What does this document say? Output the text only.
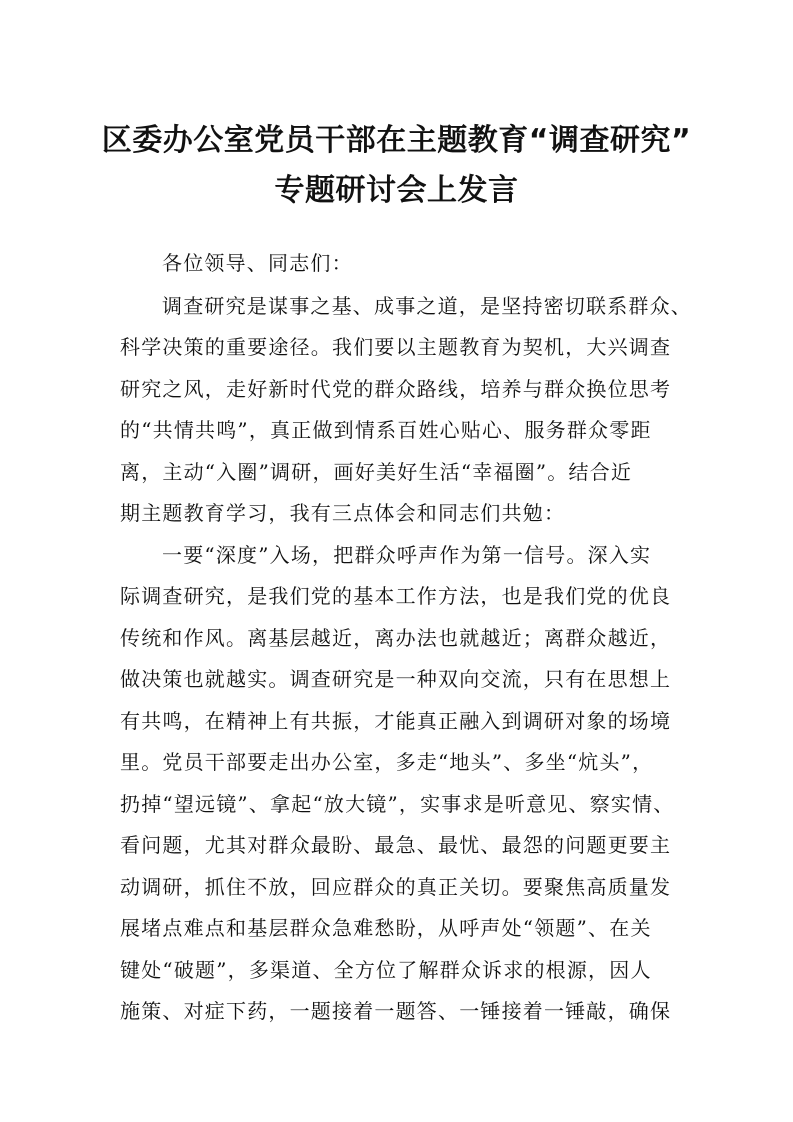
区委办公室党员干部在主题教育“调查研究”
专题研讨会上发言
各位领导、同志们：
调查研究是谋事之基、成事之道，是坚持密切联系群众、
科学决策的重要途径。我们要以主题教育为契机，大兴调查
研究之风，走好新时代党的群众路线，培养与群众换位思考
的“共情共鸣”，真正做到情系百姓心贴心、服务群众零距
离，主动“入圈”调研，画好美好生活“幸福圈”。结合近
期主题教育学习，我有三点体会和同志们共勉：
一要“深度”入场，把群众呼声作为第一信号。深入实
际调查研究，是我们党的基本工作方法，也是我们党的优良
传统和作风。离基层越近，离办法也就越近；离群众越近，
做决策也就越实。调查研究是一种双向交流，只有在思想上
有共鸣，在精神上有共振，才能真正融入到调研对象的场境
里。党员干部要走出办公室，多走“地头”、多坐“炕头”，
扔掉“望远镜”、拿起“放大镜”，实事求是听意见、察实情、
看问题，尤其对群众最盼、最急、最忧、最怨的问题更要主
动调研，抓住不放，回应群众的真正关切。要聚焦高质量发
展堵点难点和基层群众急难愁盼，从呼声处“领题”、在关
键处“破题”，多渠道、全方位了解群众诉求的根源，因人
施策、对症下药，一题接着一题答、一锤接着一锤敲，确保
